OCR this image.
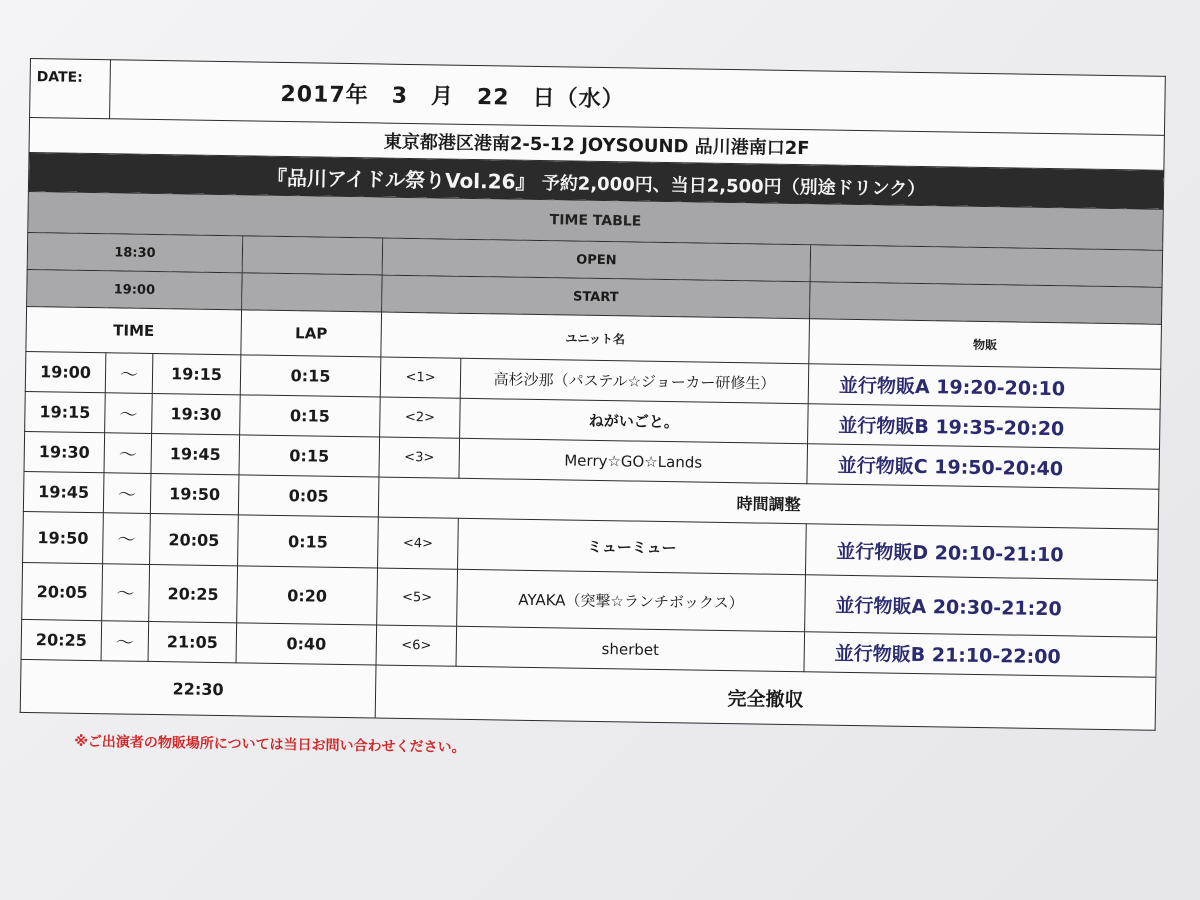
DATE:	2017年　3　月　22　日（水）					
東京都港区港南2-5-12 JOYSOUND 品川港南口2F						
『品川アイドル祭りVol.26』 予約2,000円、当日2,500円（別途ドリンク）						
TIME TABLE						
18:30				OPEN		
19:00				START		
TIME			LAP	ユニット名		物販
19:00	～	19:15	0:15	<1>	高杉沙那（パステル☆ジョーカー研修生）	並行物販A 19:20-20:10
19:15	～	19:30	0:15	<2>	ねがいごと。	並行物販B 19:35-20:20
19:30	～	19:45	0:15	<3>	Merry☆GO☆Lands	並行物販C 19:50-20:40
19:45	～	19:50	0:05	時間調整		
19:50	～	20:05	0:15	<4>	ミューミュー	並行物販D 20:10-21:10
20:05	～	20:25	0:20	<5>	AYAKA（突撃☆ランチボックス）	並行物販A 20:30-21:20
20:25	～	21:05	0:40	<6>	sherbet	並行物販B 21:10-22:00
22:30				完全撤収		
※ご出演者の物販場所については当日お問い合わせください。
